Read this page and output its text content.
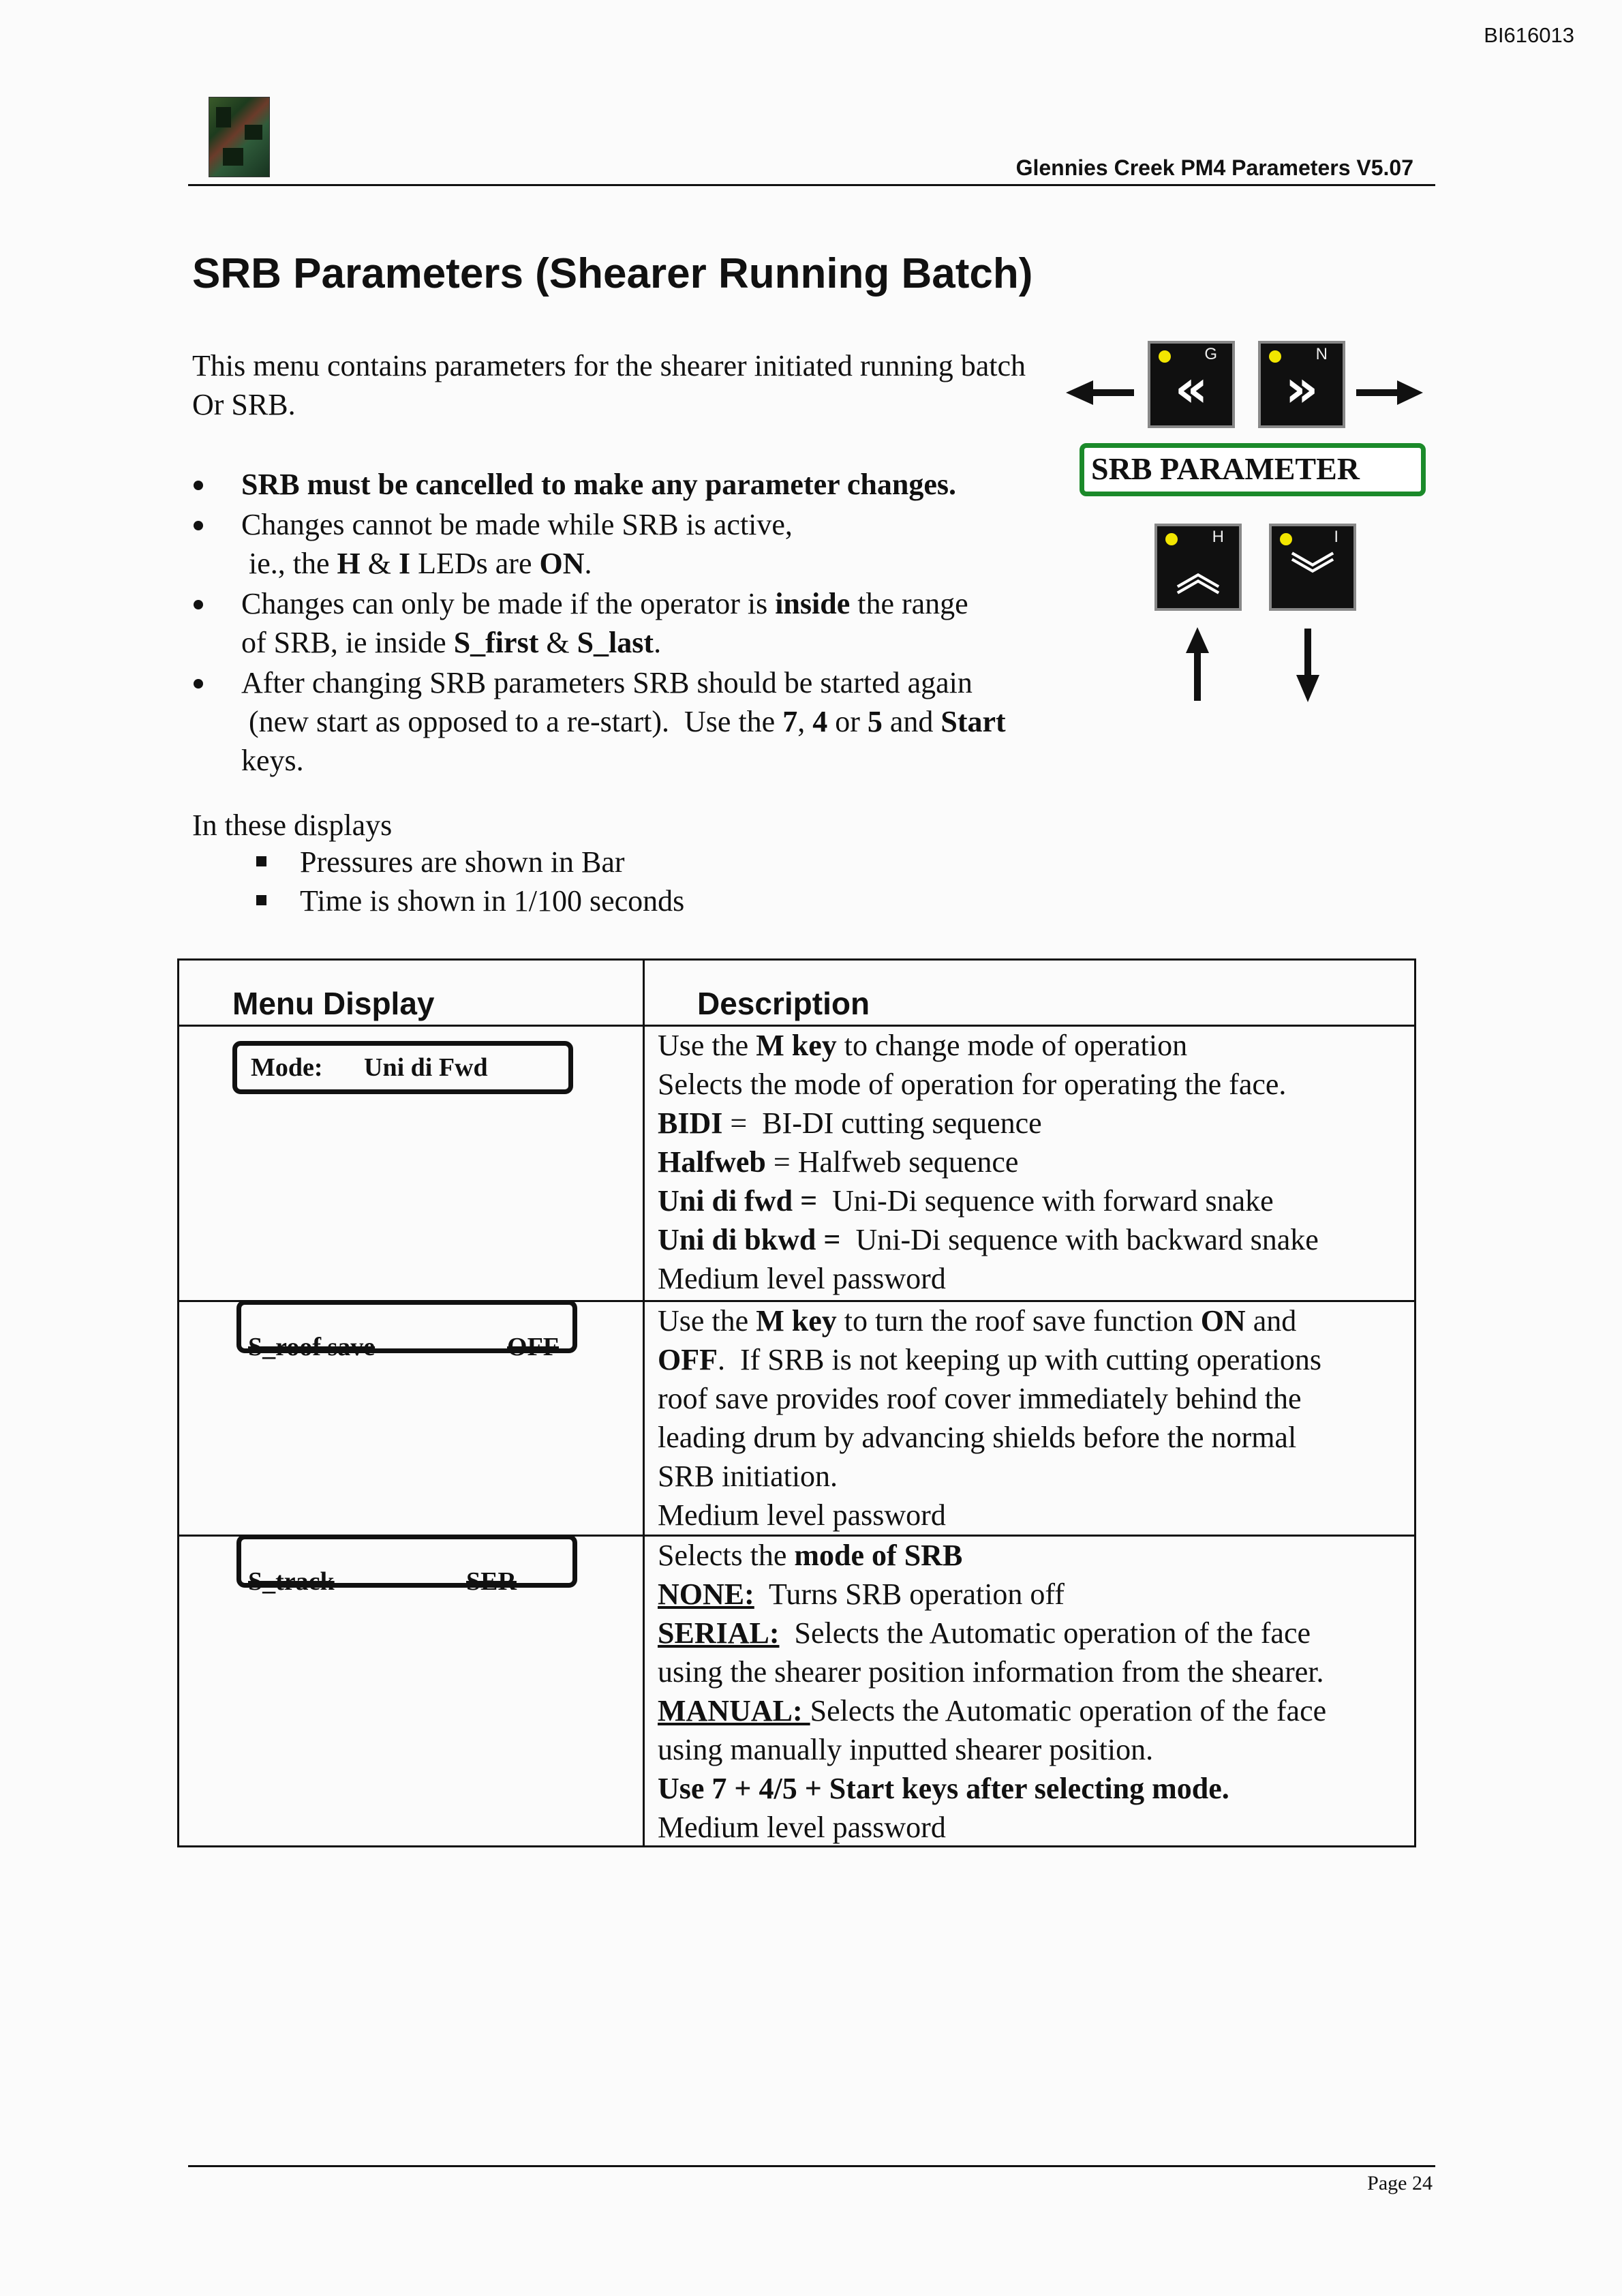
BI616013
Glennies Creek PM4 Parameters V5.07
SRB Parameters (Shearer Running Batch)
This menu contains parameters for the shearer initiated running batch
Or SRB.
SRB must be cancelled to make any parameter changes.
Changes cannot be made while SRB is active,
ie., the H & I LEDs are ON.
Changes can only be made if the operator is inside the range
of SRB, ie inside S_first & S_last.
After changing SRB parameters SRB should be started again
(new start as opposed to a re-start).  Use the 7, 4 or 5 and Start
keys.
In these displays
Pressures are shown in Bar
Time is shown in 1/100 seconds
G
«
N
»
SRB PARAMETER
H
︽
I
︾
Menu Display	Description
Mode: Uni di Fwd
Use the M key to change mode of operation
Selects the mode of operation for operating the face.
BIDI =  BI-DI cutting sequence
Halfweb = Halfweb sequence
Uni di fwd =  Uni-Di sequence with forward snake
Uni di bkwd =  Uni-Di sequence with backward snake
Medium level password
S_roof save	OFF
Use the M key to turn the roof save function ON and
OFF.  If SRB is not keeping up with cutting operations
roof save provides roof cover immediately behind the
leading drum by advancing shields before the normal
SRB initiation.
Medium level password
S_track	SER
Selects the mode of SRB
NONE:  Turns SRB operation off
SERIAL:  Selects the Automatic operation of the face
using the shearer position information from the shearer.
MANUAL: Selects the Automatic operation of the face
using manually inputted shearer position.
Use 7 + 4/5 + Start keys after selecting mode.
Medium level password
Page 24
